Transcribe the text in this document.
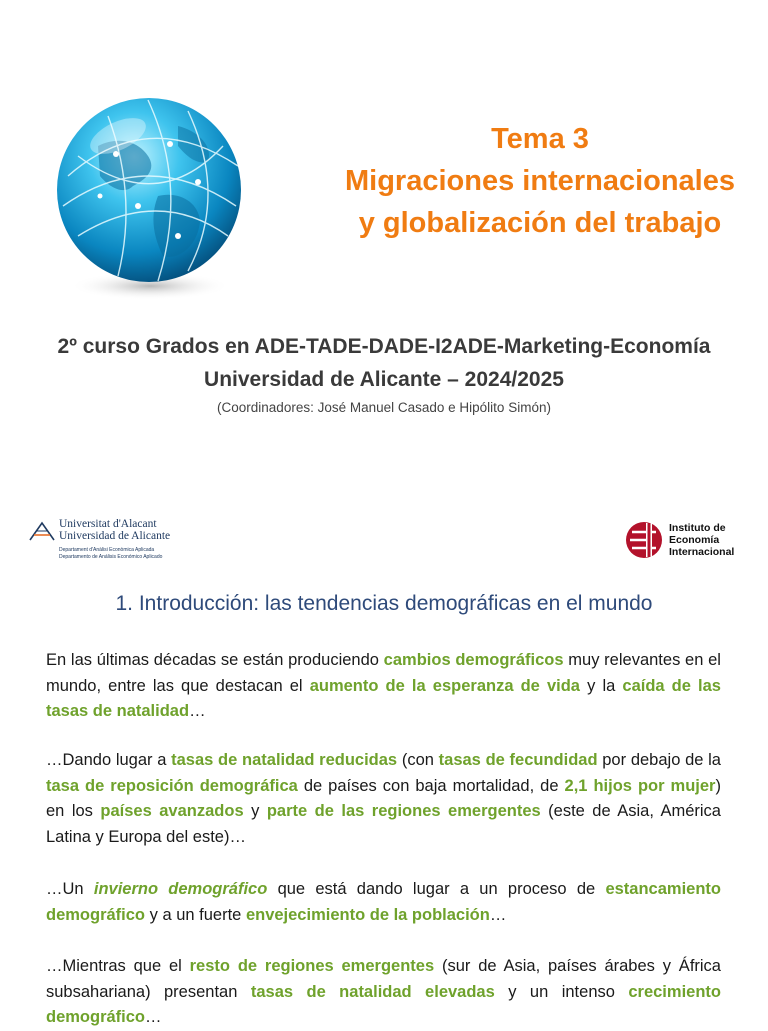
Tema 3
Migraciones internacionales
y globalización del trabajo
2º curso Grados en ADE-TADE-DADE-I2ADE-Marketing-Economía
Universidad de Alicante – 2024/2025
(Coordinadores: José Manuel Casado e Hipólito Simón)
Universitat d'Alacant
Universidad de Alicante
Departament d'Anàlisi Econòmica Aplicada
Departamento de Análisis Económico Aplicado
Instituto de
Economía
Internacional
1. Introducción: las tendencias demográficas en el mundo
En las últimas décadas se están produciendo cambios demográficos muy relevantes en el mundo, entre las que destacan el aumento de la esperanza de vida y la caída de las tasas de natalidad…
…Dando lugar a tasas de natalidad reducidas (con tasas de fecundidad por debajo de la tasa de reposición demográfica de países con baja mortalidad, de 2,1 hijos por mujer) en los países avanzados y parte de las regiones emergentes (este de Asia, América Latina y Europa del este)…
…Un invierno demográfico que está dando lugar a un proceso de estancamiento demográfico y a un fuerte envejecimiento de la población…
…Mientras que el resto de regiones emergentes (sur de Asia, países árabes y África subsahariana) presentan tasas de natalidad elevadas y un intenso crecimiento demográfico…
